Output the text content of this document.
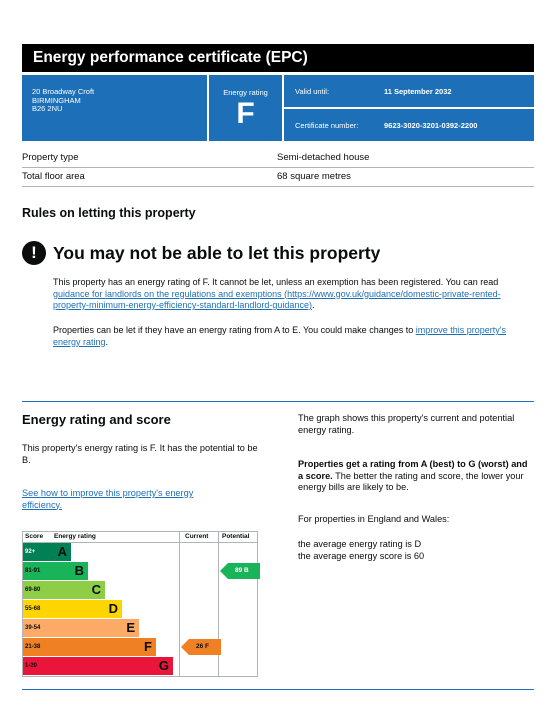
Energy performance certificate (EPC)
20 Broadway Croft
BIRMINGHAM
B26 2NU
Energy rating
F
Valid until:	11 September 2032
Certificate number:	9623-3020-3201-0392-2200
Property type	Semi-detached house
Total floor area	68 square metres
Rules on letting this property
! You may not be able to let this property
This property has an energy rating of F. It cannot be let, unless an exemption has been registered. You can read guidance for landlords on the regulations and exemptions (https://www.gov.uk/guidance/domestic-private-rented-property-minimum-energy-efficiency-standard-landlord-guidance).
Properties can be let if they have an energy rating from A to E. You could make changes to improve this property's energy rating.
Energy rating and score
This property's energy rating is F. It has the potential to be B.
See how to improve this property's energy efficiency.
The graph shows this property's current and potential energy rating.
Properties get a rating from A (best) to G (worst) and a score. The better the rating and score, the lower your energy bills are likely to be.
For properties in England and Wales:
the average energy rating is D
the average energy score is 60
Score Energy rating	Current Potential
92+ A
81-91	B
69-80	C
55-68	D
39-54	E
21-38	F
1-20	G
26 F
89 B
